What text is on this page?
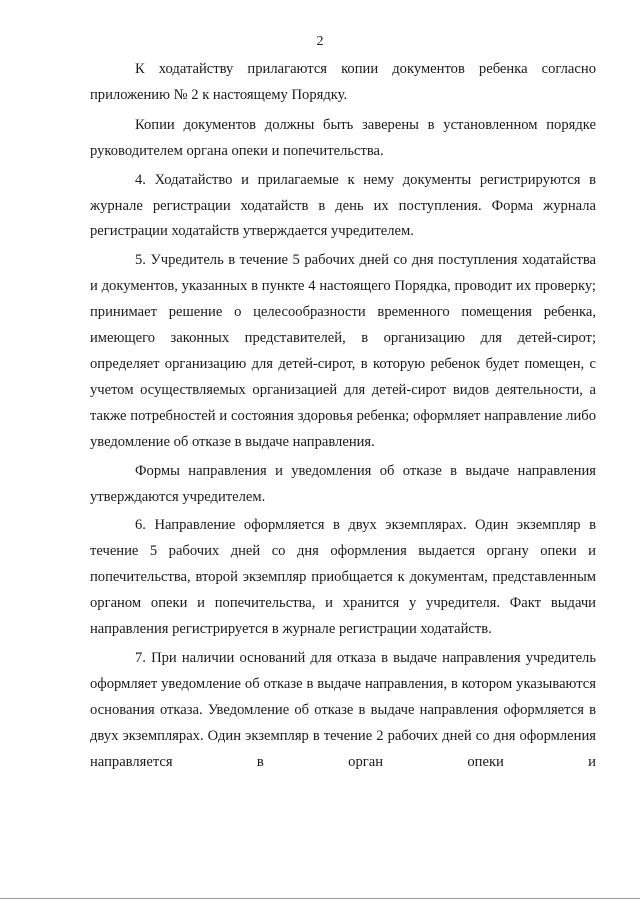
2

К ходатайству прилагаются копии документов ребенка согласно приложению № 2 к настоящему Порядку.

Копии документов должны быть заверены в установленном порядке руководителем органа опеки и попечительства.

4. Ходатайство и прилагаемые к нему документы регистрируются в журнале регистрации ходатайств в день их поступления. Форма журнала регистрации ходатайств утверждается учредителем.

5. Учредитель в течение 5 рабочих дней со дня поступления ходатайства и документов, указанных в пункте 4 настоящего Порядка, проводит их проверку; принимает решение о целесообразности временного помещения ребенка, имеющего законных представителей, в организацию для детей-сирот; определяет организацию для детей-сирот, в которую ребенок будет помещен, с учетом осуществляемых организацией для детей-сирот видов деятельности, а также потребностей и состояния здоровья ребенка; оформляет направление либо уведомление об отказе в выдаче направления.

Формы направления и уведомления об отказе в выдаче направления утверждаются учредителем.

6. Направление оформляется в двух экземплярах. Один экземпляр в течение 5 рабочих дней со дня оформления выдается органу опеки и попечительства, второй экземпляр приобщается к документам, представленным органом опеки и попечительства, и хранится у учредителя. Факт выдачи направления регистрируется в журнале регистрации ходатайств.

7. При наличии оснований для отказа в выдаче направления учредитель оформляет уведомление об отказе в выдаче направления, в котором указываются основания отказа. Уведомление об отказе в выдаче направления оформляется в двух экземплярах. Один экземпляр в течение 2 рабочих дней со дня оформления направляется в орган опеки и
